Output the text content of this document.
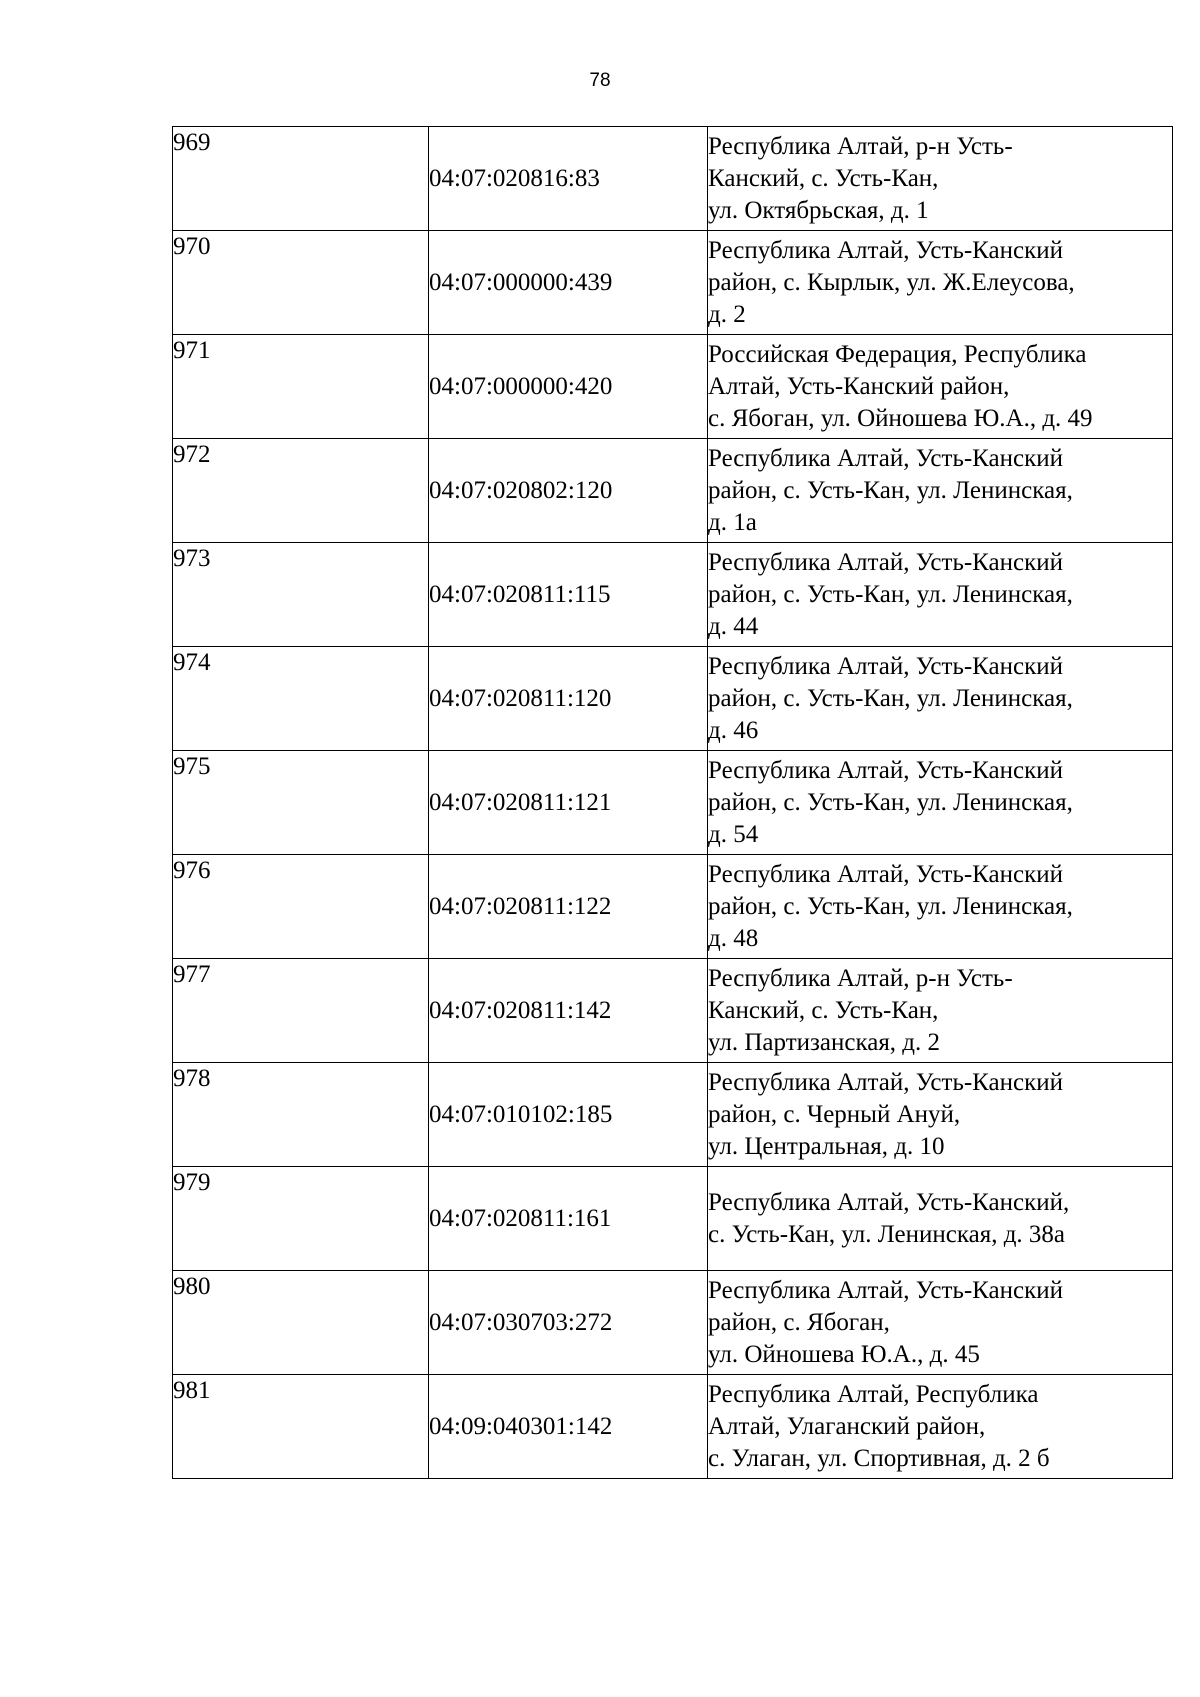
78
969	04:07:020816:83	Республика Алтай, р-н Усть-
Канский, с. Усть-Кан,
ул. Октябрьская, д. 1

970	04:07:000000:439	Республика Алтай, Усть-Канский
район, с. Кырлык, ул. Ж.Елеусова,
д. 2

971	04:07:000000:420	Российская Федерация, Республика
Алтай, Усть-Канский район,
с. Ябоган, ул. Ойношева Ю.А., д. 49

972	04:07:020802:120	Республика Алтай, Усть-Канский
район, с. Усть-Кан, ул. Ленинская,
д. 1а

973	04:07:020811:115	Республика Алтай, Усть-Канский
район, с. Усть-Кан, ул. Ленинская,
д. 44

974	04:07:020811:120	Республика Алтай, Усть-Канский
район, с. Усть-Кан, ул. Ленинская,
д. 46

975	04:07:020811:121	Республика Алтай, Усть-Канский
район, с. Усть-Кан, ул. Ленинская,
д. 54

976	04:07:020811:122	Республика Алтай, Усть-Канский
район, с. Усть-Кан, ул. Ленинская,
д. 48

977	04:07:020811:142	Республика Алтай, р-н Усть-
Канский, с. Усть-Кан,
ул. Партизанская, д. 2

978	04:07:010102:185	Республика Алтай, Усть-Канский
район, с. Черный Ануй,
ул. Центральная, д. 10

979	04:07:020811:161	Республика Алтай, Усть-Канский,
с. Усть-Кан, ул. Ленинская, д. 38а

980	04:07:030703:272	Республика Алтай, Усть-Канский
район, с. Ябоган,
ул. Ойношева Ю.А., д. 45

981	04:09:040301:142	Республика Алтай, Республика
Алтай, Улаганский район,
с. Улаган, ул. Спортивная, д. 2 б
